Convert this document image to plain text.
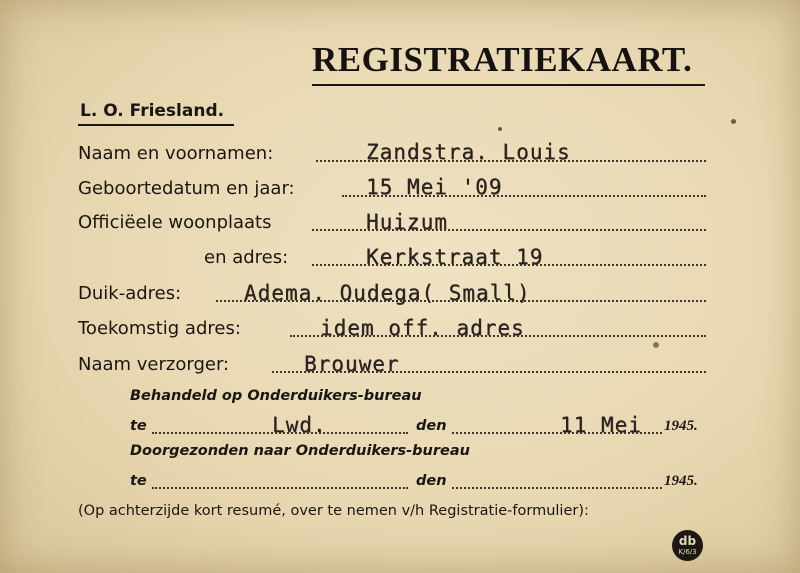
REGISTRATIEKAART.
L. O. Friesland.
Naam en voornamen:	Zandstra. Louis
Geboortedatum en jaar:	15 Mei '09
Officiëele woonplaats	Huizum
en adres:	Kerkstraat 19
Duik-adres:	Adema. Oudega( Small)
Toekomstig adres:	idem off. adres
Naam verzorger:	Brouwer
Behandeld op Onderduikers-bureau
te	Lwd.	den	11 Mei 1945.
Doorgezonden naar Onderduikers-bureau
te	den	1945.
(Op achterzijde kort resumé, over te nemen v/h Registratie-formulier):
db
K/6/3
